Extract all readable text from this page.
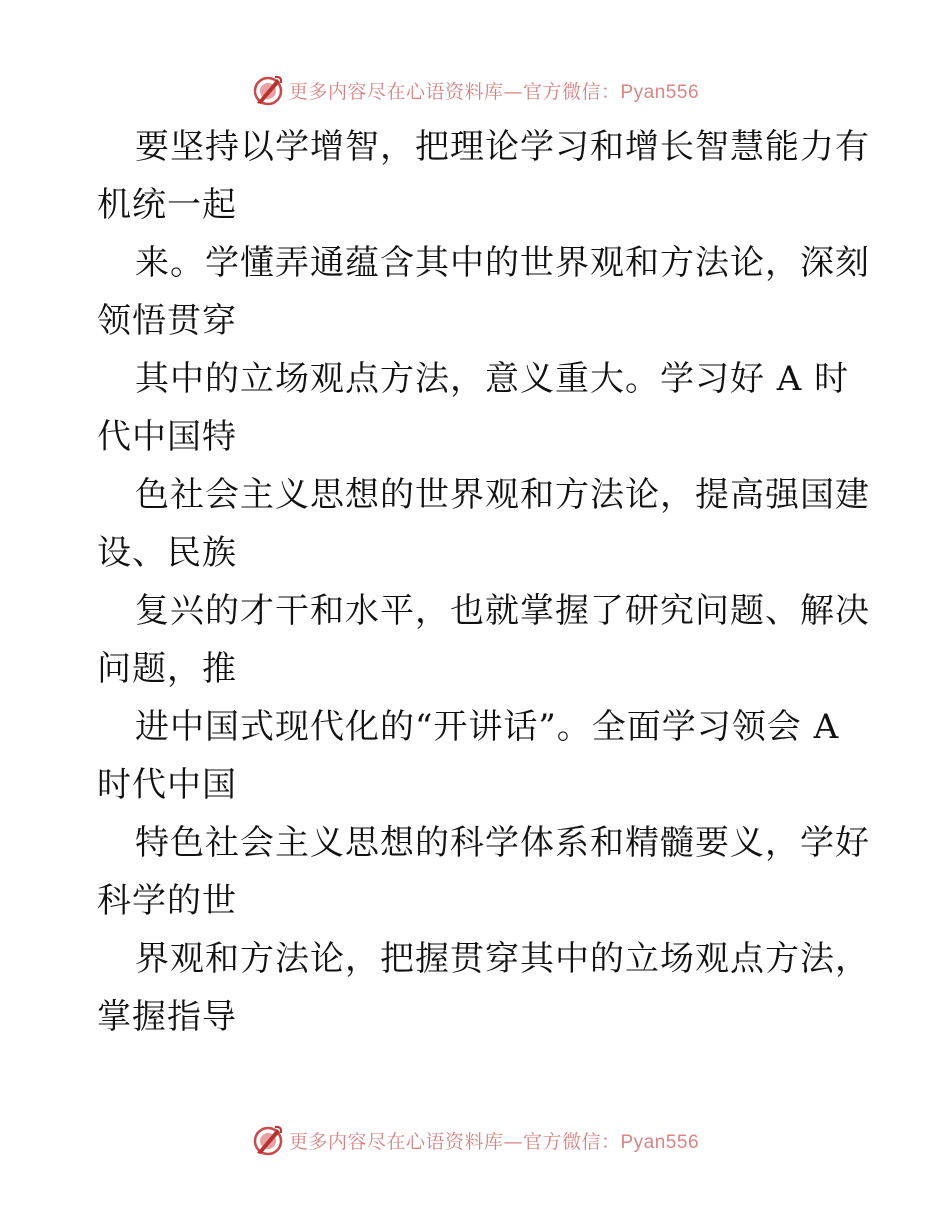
更多内容尽在心语资料库—官方微信：Pyan556
要坚持以学增智，把理论学习和增长智慧能力有
机统一起
来。学懂弄通蕴含其中的世界观和方法论，深刻
领悟贯穿
其中的立场观点方法，意义重大。学习好 A 时
代中国特
色社会主义思想的世界观和方法论，提高强国建
设、民族
复兴的才干和水平，也就掌握了研究问题、解决
问题，推
进中国式现代化的“开讲话”。全面学习领会 A
时代中国
特色社会主义思想的科学体系和精髓要义，学好
科学的世
界观和方法论，把握贯穿其中的立场观点方法，
掌握指导
更多内容尽在心语资料库—官方微信：Pyan556
